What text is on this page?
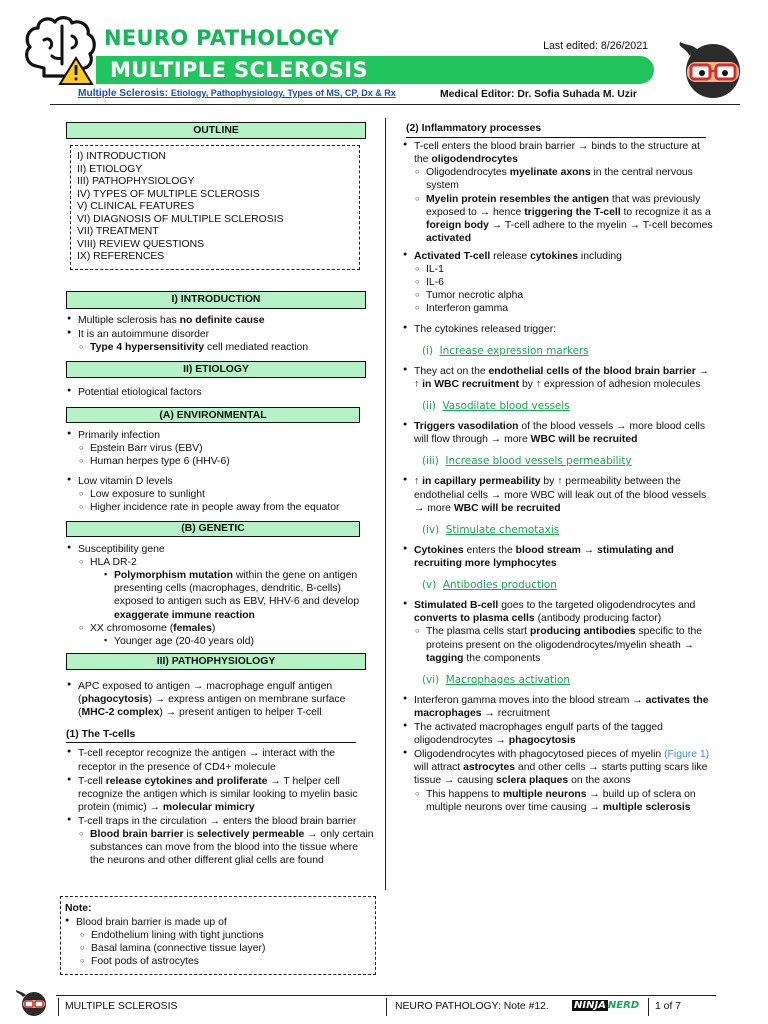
NEURO PATHOLOGY
MULTIPLE SCLEROSIS
Last edited: 8/26/2021
Multiple Sclerosis: Etiology, Pathophysiology, Types of MS, CP, Dx & Rx	Medical Editor: Dr. Sofia Suhada M. Uzir
OUTLINE
I) INTRODUCTION
II) ETIOLOGY
III) PATHOPHYSIOLOGY
IV) TYPES OF MULTIPLE SCLEROSIS
V) CLINICAL FEATURES
VI) DIAGNOSIS OF MULTIPLE SCLEROSIS
VII) TREATMENT
VIII) REVIEW QUESTIONS
IX) REFERENCES
I) INTRODUCTION
● Multiple sclerosis has no definite cause
● It is an autoimmune disorder
○ Type 4 hypersensitivity cell mediated reaction
II) ETIOLOGY
● Potential etiological factors
(A) ENVIRONMENTAL
● Primarily infection
○ Epstein Barr virus (EBV)
○ Human herpes type 6 (HHV-6)
● Low vitamin D levels
○ Low exposure to sunlight
○ Higher incidence rate in people away from the equator
(B) GENETIC
● Susceptibility gene
○ HLA DR-2
▪ Polymorphism mutation within the gene on antigen presenting cells (macrophages, dendritic, B-cells) exposed to antigen such as EBV, HHV-6 and develop exaggerate immune reaction
○ XX chromosome (females)
▪ Younger age (20-40 years old)
III) PATHOPHYSIOLOGY
● APC exposed to antigen → macrophage engulf antigen (phagocytosis) → express antigen on membrane surface (MHC-2 complex) → present antigen to helper T-cell
(1) The T-cells
● T-cell receptor recognize the antigen → interact with the receptor in the presence of CD4+ molecule
● T-cell release cytokines and proliferate → T helper cell recognize the antigen which is similar looking to myelin basic protein (mimic) → molecular mimicry
● T-cell traps in the circulation → enters the blood brain barrier
○ Blood brain barrier is selectively permeable → only certain substances can move from the blood into the tissue where the neurons and other different glial cells are found
Note:
● Blood brain barrier is made up of
○ Endothelium lining with tight junctions
○ Basal lamina (connective tissue layer)
○ Foot pods of astrocytes
(2) Inflammatory processes
● T-cell enters the blood brain barrier → binds to the structure at the oligodendrocytes
○ Oligodendrocytes myelinate axons in the central nervous system
○ Myelin protein resembles the antigen that was previously exposed to → hence triggering the T-cell to recognize it as a foreign body → T-cell adhere to the myelin → T-cell becomes activated
● Activated T-cell release cytokines including
○ IL-1
○ IL-6
○ Tumor necrotic alpha
○ Interferon gamma
● The cytokines released trigger:
(i) Increase expression markers
● They act on the endothelial cells of the blood brain barrier → ↑ in WBC recruitment by ↑ expression of adhesion molecules
(ii) Vasodilate blood vessels
● Triggers vasodilation of the blood vessels → more blood cells will flow through → more WBC will be recruited
(iii) Increase blood vessels permeability
● ↑ in capillary permeability by ↑ permeability between the endothelial cells → more WBC will leak out of the blood vessels → more WBC will be recruited
(iv) Stimulate chemotaxis
● Cytokines enters the blood stream → stimulating and recruiting more lymphocytes
(v) Antibodies production
● Stimulated B-cell goes to the targeted oligodendrocytes and converts to plasma cells (antibody producing factor)
○ The plasma cells start producing antibodies specific to the proteins present on the oligodendrocytes/myelin sheath → tagging the components
(vi) Macrophages activation
● Interferon gamma moves into the blood stream → activates the macrophages → recruitment
● The activated macrophages engulf parts of the tagged oligodendrocytes → phagocytosis
● Oligodendrocytes with phagocytosed pieces of myelin (Figure 1) will attract astrocytes and other cells → starts putting scars like tissue → causing sclera plaques on the axons
○ This happens to multiple neurons → build up of sclera on multiple neurons over time causing → multiple sclerosis
MULTIPLE SCLEROSIS	NEURO PATHOLOGY: Note #12.	NINJA NERD	1 of 7
